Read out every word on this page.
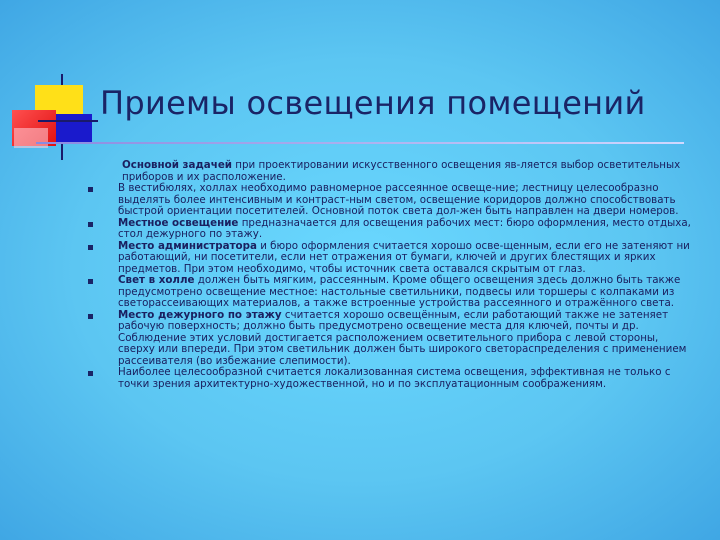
Приемы освещения помещений

Основной задачей при проектировании искусственного освещения яв-ляется выбор осветительных приборов и их расположение.

В вестибюлях, холлах необходимо равномерное рассеянное освеще-ние; лестницу целесообразно выделять более интенсивным и контраст-ным светом, освещение коридоров должно способствовать быстрой ориентации посетителей. Основной поток света дол-жен быть направлен на двери номеров.
Местное освещение предназначается для освещения рабочих мест: бюро оформления, место отдыха, стол дежурного по этажу.
Место администратора и бюро оформления считается хорошо осве-щенным, если его не затеняют ни работающий, ни посетители, если нет отражения от бумаги, ключей и других блестящих и ярких предметов. При этом необходимо, чтобы источник света оставался скрытым от глаз.
Свет в холле должен быть мягким, рассеянным. Кроме общего освещения здесь должно быть также предусмотрено освещение местное: настольные светильники, подвесы или торшеры с колпаками из светорассеивающих материалов, а также встроенные устройства рассеянного и отражённого света.
Место дежурного по этажу считается хорошо освещённым, если работающий также не затеняет рабочую поверхность; должно быть предусмотрено освещение места для ключей, почты и др. Соблюдение этих условий достигается расположением осветительного прибора с левой стороны, сверху или впереди. При этом светильник должен быть широкого светораспределения с применением рассеивателя (во избежание слепимости).
Наиболее целесообразной считается локализованная система освещения, эффективная не только с точки зрения архитектурно-художественной, но и по эксплуатационным соображениям.
